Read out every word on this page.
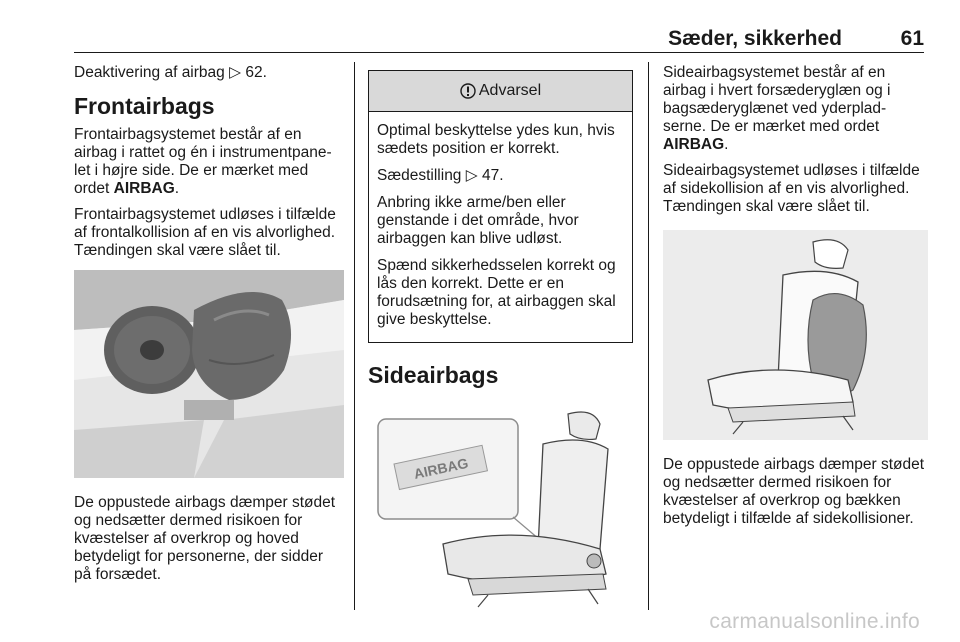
Sæder, sikkerhed	61

Deaktivering af airbag ▷ 62.

Frontairbags

Frontairbagsystemet består af en airbag i rattet og én i instrumentpane-let i højre side. De er mærket med ordet AIRBAG.

Frontairbagsystemet udløses i tilfælde af frontalkollision af en vis alvorlighed. Tændingen skal være slået til.

De oppustede airbags dæmper stødet og nedsætter dermed risikoen for kvæstelser af overkrop og hoved betydeligt for personerne, der sidder på forsædet.

Advarsel

Optimal beskyttelse ydes kun, hvis sædets position er korrekt.

Sædestilling ▷ 47.

Anbring ikke arme/ben eller genstande i det område, hvor airbaggen kan blive udløst.

Spænd sikkerhedsselen korrekt og lås den korrekt. Dette er en forudsætning for, at airbaggen skal give beskyttelse.

Sideairbags
AIRBAG

Sideairbagsystemet består af en airbag i hvert forsæderyglæn og i bagsæderyglænet ved yderplad-serne. De er mærket med ordet AIRBAG.

Sideairbagsystemet udløses i tilfælde af sidekollision af en vis alvorlighed. Tændingen skal være slået til.

De oppustede airbags dæmper stødet og nedsætter dermed risikoen for kvæstelser af overkrop og bækken betydeligt i tilfælde af sidekollisioner.

carmanualsonline.info
